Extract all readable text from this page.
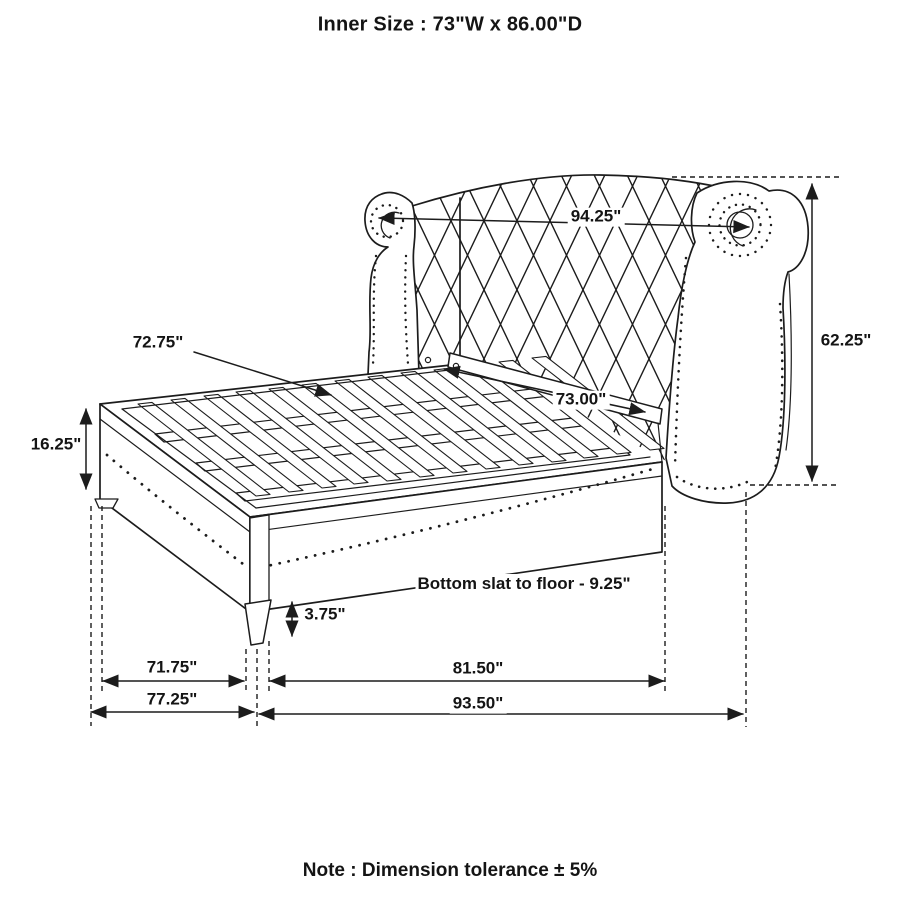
Inner Size : 73"W x 86.00"D
94.25"
62.25"
72.75"
73.00"
16.25"
3.75"
Bottom slat to floor - 9.25"
71.75"	81.50"
77.25"	93.50"
Note : Dimension tolerance ± 5%
